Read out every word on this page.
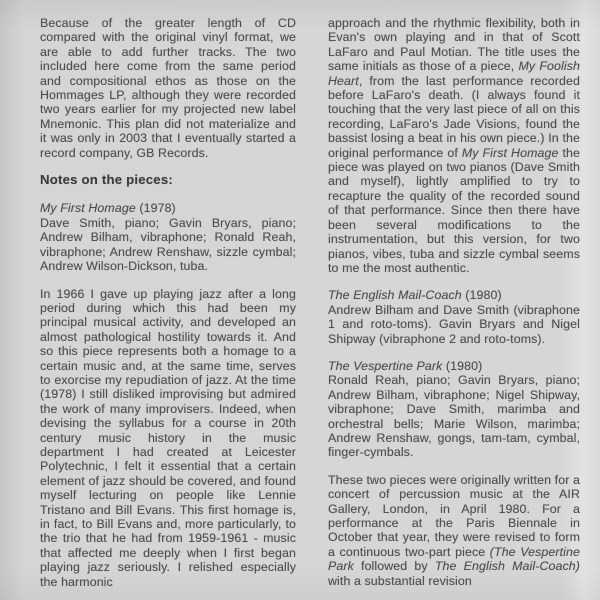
Because of the greater length of CD compared with the original vinyl format, we are able to add further tracks. The two included here come from the same period and compositional ethos as those on the Hommages LP, although they were recorded two years earlier for my projected new label Mnemonic. This plan did not materialize and it was only in 2003 that I eventually started a record company, GB Records.

Notes on the pieces:

My First Homage (1978)

Dave Smith, piano; Gavin Bryars, piano; Andrew Bilham, vibraphone; Ronald Reah, vibraphone; Andrew Renshaw, sizzle cymbal; Andrew Wilson-Dickson, tuba.

In 1966 I gave up playing jazz after a long period during which this had been my principal musical activity, and developed an almost pathological hostility towards it. And so this piece represents both a homage to a certain music and, at the same time, serves to exorcise my repudiation of jazz. At the time (1978) I still disliked improvising but admired the work of many improvisers. Indeed, when devising the syllabus for a course in 20th century music history in the music department I had created at Leicester Polytechnic, I felt it essential that a certain element of jazz should be covered, and found myself lecturing on people like Lennie Tristano and Bill Evans. This first homage is, in fact, to Bill Evans and, more particularly, to the trio that he had from 1959-1961 - music that affected me deeply when I first began playing jazz seriously. I relished especially the harmonic

approach and the rhythmic flexibility, both in Evan's own playing and in that of Scott LaFaro and Paul Motian. The title uses the same initials as those of a piece, My Foolish Heart, from the last performance recorded before LaFaro's death. (I always found it touching that the very last piece of all on this recording, LaFaro's Jade Visions, found the bassist losing a beat in his own piece.) In the original performance of My First Homage the piece was played on two pianos (Dave Smith and myself), lightly amplified to try to recapture the quality of the recorded sound of that performance. Since then there have been several modifications to the instrumentation, but this version, for two pianos, vibes, tuba and sizzle cymbal seems to me the most authentic.

The English Mail-Coach (1980)

Andrew Bilham and Dave Smith (vibraphone 1 and roto-toms). Gavin Bryars and Nigel Shipway (vibraphone 2 and roto-toms).

The Vespertine Park (1980)

Ronald Reah, piano; Gavin Bryars, piano; Andrew Bilham, vibraphone; Nigel Shipway, vibraphone; Dave Smith, marimba and orchestral bells; Marie Wilson, marimba; Andrew Renshaw, gongs, tam-tam, cymbal, finger-cymbals.

These two pieces were originally written for a concert of percussion music at the AIR Gallery, London, in April 1980. For a performance at the Paris Biennale in October that year, they were revised to form a continuous two-part piece (The Vespertine Park followed by The English Mail-Coach) with a substantial revision
